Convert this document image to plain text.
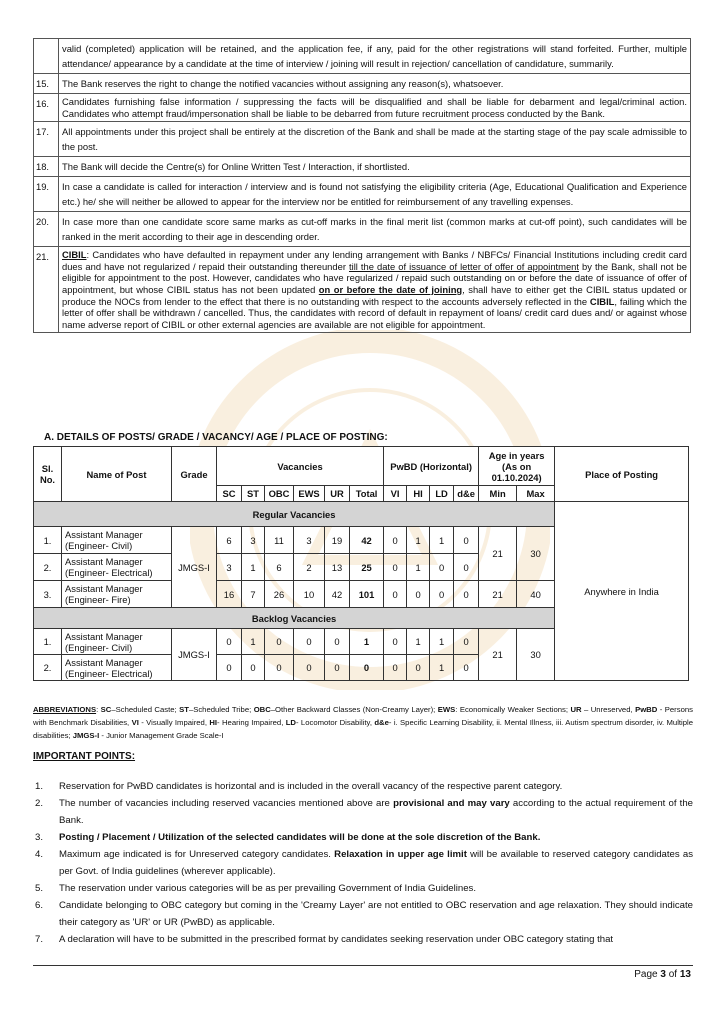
	valid (completed) application will be retained, and the application fee, if any, paid for the other registrations will stand forfeited. Further, multiple attendance/ appearance by a candidate at the time of interview / joining will result in rejection/ cancellation of candidature, summarily.
15.	The Bank reserves the right to change the notified vacancies without assigning any reason(s), whatsoever.
16.	Candidates furnishing false information / suppressing the facts will be disqualified and shall be liable for debarment and legal/criminal action. Candidates who attempt fraud/impersonation shall be liable to be debarred from future recruitment process conducted by the Bank.
17.	All appointments under this project shall be entirely at the discretion of the Bank and shall be made at the starting stage of the pay scale admissible to the post.
18.	The Bank will decide the Centre(s) for Online Written Test / Interaction, if shortlisted.
19.	In case a candidate is called for interaction / interview and is found not satisfying the eligibility criteria (Age, Educational Qualification and Experience etc.) he/ she will neither be allowed to appear for the interview nor be entitled for reimbursement of any travelling expenses.
20.	In case more than one candidate score same marks as cut-off marks in the final merit list (common marks at cut-off point), such candidates will be ranked in the merit according to their age in descending order.
21.	CIBIL: Candidates who have defaulted in repayment under any lending arrangement with Banks / NBFCs/ Financial Institutions including credit card dues and have not regularized / repaid their outstanding thereunder till the date of issuance of letter of offer of appointment by the Bank, shall not be eligible for appointment to the post. However, candidates who have regularized / repaid such outstanding on or before the date of issuance of offer of appointment, but whose CIBIL status has not been updated on or before the date of joining, shall have to either get the CIBIL status updated or produce the NOCs from lender to the effect that there is no outstanding with respect to the accounts adversely reflected in the CIBIL, failing which the letter of offer shall be withdrawn / cancelled. Thus, the candidates with record of default in repayment of loans/ credit card dues and/ or against whose name adverse report of CIBIL or other external agencies are available are not eligible for appointment.
A. DETAILS OF POSTS/ GRADE / VACANCY/ AGE / PLACE OF POSTING:
Sl. No.	Name of Post	Grade	Vacancies						PwBD (Horizontal)				Age in years (As on 01.10.2024)		Place of Posting
			SC	ST	OBC	EWS	UR	Total	VI	HI	LD	d&e	Min	Max	
Regular Vacancies															Anywhere in India
1.	Assistant Manager (Engineer- Civil)	JMGS-I	6	3	11	3	19	42	0	1	1	0	21	30	
2.	Assistant Manager (Engineer- Electrical)		3	1	6	2	13	25	0	1	0	0			
3.	Assistant Manager (Engineer- Fire)		16	7	26	10	42	101	0	0	0	0	21	40	
Backlog Vacancies															
1.	Assistant Manager (Engineer- Civil)	JMGS-I	0	1	0	0	0	1	0	1	1	0	21	30	
2.	Assistant Manager (Engineer- Electrical)		0	0	0	0	0	0	0	0	1	0			
ABBREVIATIONS: SC–Scheduled Caste; ST–Scheduled Tribe; OBC–Other Backward Classes (Non-Creamy Layer); EWS: Economically Weaker Sections; UR – Unreserved, PwBD - Persons with Benchmark Disabilities, VI - Visually Impaired, HI- Hearing Impaired, LD- Locomotor Disability, d&e- i. Specific Learning Disability, ii. Mental Illness, iii. Autism spectrum disorder, iv. Multiple disabilities; JMGS-I - Junior Management Grade Scale-I
IMPORTANT POINTS:
1. Reservation for PwBD candidates is horizontal and is included in the overall vacancy of the respective parent category.
2. The number of vacancies including reserved vacancies mentioned above are provisional and may vary according to the actual requirement of the Bank.
3. Posting / Placement / Utilization of the selected candidates will be done at the sole discretion of the Bank.
4. Maximum age indicated is for Unreserved category candidates. Relaxation in upper age limit will be available to reserved category candidates as per Govt. of India guidelines (wherever applicable).
5. The reservation under various categories will be as per prevailing Government of India Guidelines.
6. Candidate belonging to OBC category but coming in the 'Creamy Layer' are not entitled to OBC reservation and age relaxation. They should indicate their category as 'UR' or UR (PwBD) as applicable.
7. A declaration will have to be submitted in the prescribed format by candidates seeking reservation under OBC category stating that
Page 3 of 13
